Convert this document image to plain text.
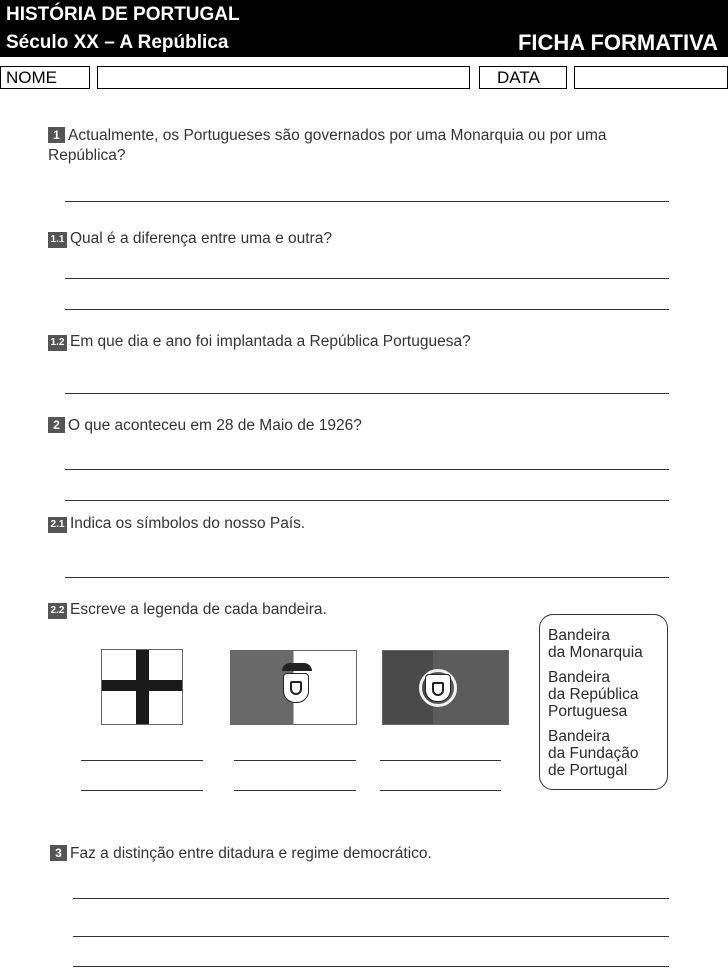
HISTÓRIA DE PORTUGAL
Século XX – A República	FICHA FORMATIVA
NOME	DATA
1 Actualmente, os Portugueses são governados por uma Monarquia ou por uma República?
1.1 Qual é a diferença entre uma e outra?
1.2 Em que dia e ano foi implantada a República Portuguesa?
2 O que aconteceu em 28 de Maio de 1926?
2.1 Indica os símbolos do nosso País.
2.2 Escreve a legenda de cada bandeira.
Bandeira
da Monarquia
Bandeira
da República
Portuguesa
Bandeira
da Fundação
de Portugal
3 Faz a distinção entre ditadura e regime democrático.
